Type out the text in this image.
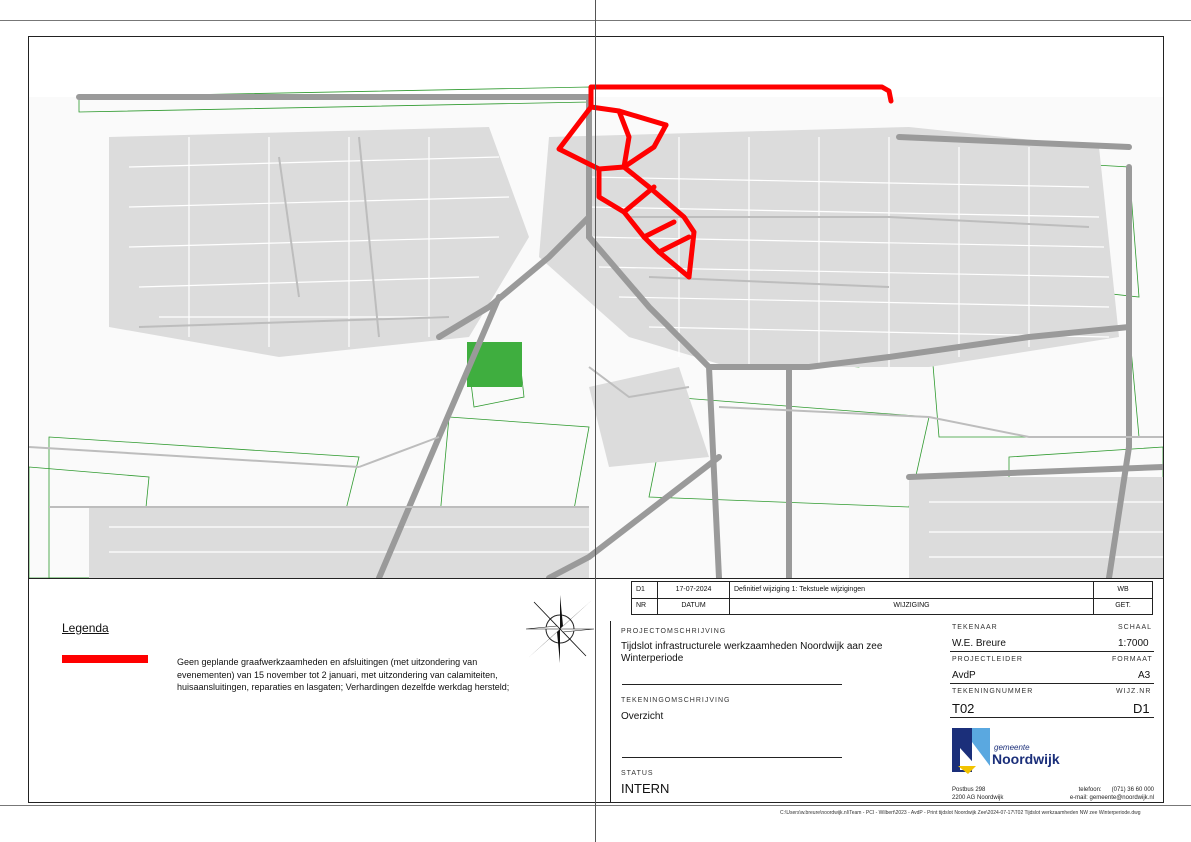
D1	17-07-2024	Definitief wijziging 1: Tekstuele wijzigingen	WB
NR	DATUM	WIJZIGING	GET.
Legenda
Geen geplande graafwerkzaamheden en afsluitingen (met uitzondering van evenementen) van 15 november tot 2 januari, met uitzondering van calamiteiten, huisaansluitingen, reparaties en lasgaten; Verhardingen dezelfde werkdag hersteld;
PROJECTOMSCHRIJVING
Tijdslot infrastructurele werkzaamheden Noordwijk aan zee Winterperiode
TEKENINGOMSCHRIJVING
Overzicht
STATUS
INTERN
TEKENAAR	SCHAAL
W.E. Breure	1:7000
PROJECTLEIDER	FORMAAT
AvdP	A3
TEKENINGNUMMER	WIJZ.NR
T02	D1
gemeente
Noordwijk
Postbus 298
2200 AG Noordwijk
telefoon: (071) 36 60 000
e-mail: gemeente@noordwijk.nl
C:\Users\w.breure\noordwijk.nl\Team - PCI - Wilbert\2023 - AvdP - Print tijdslot Noordwijk Zee\2024-07-17\T02 Tijdslot werkzaamheden NW zee Winterperiode.dwg
